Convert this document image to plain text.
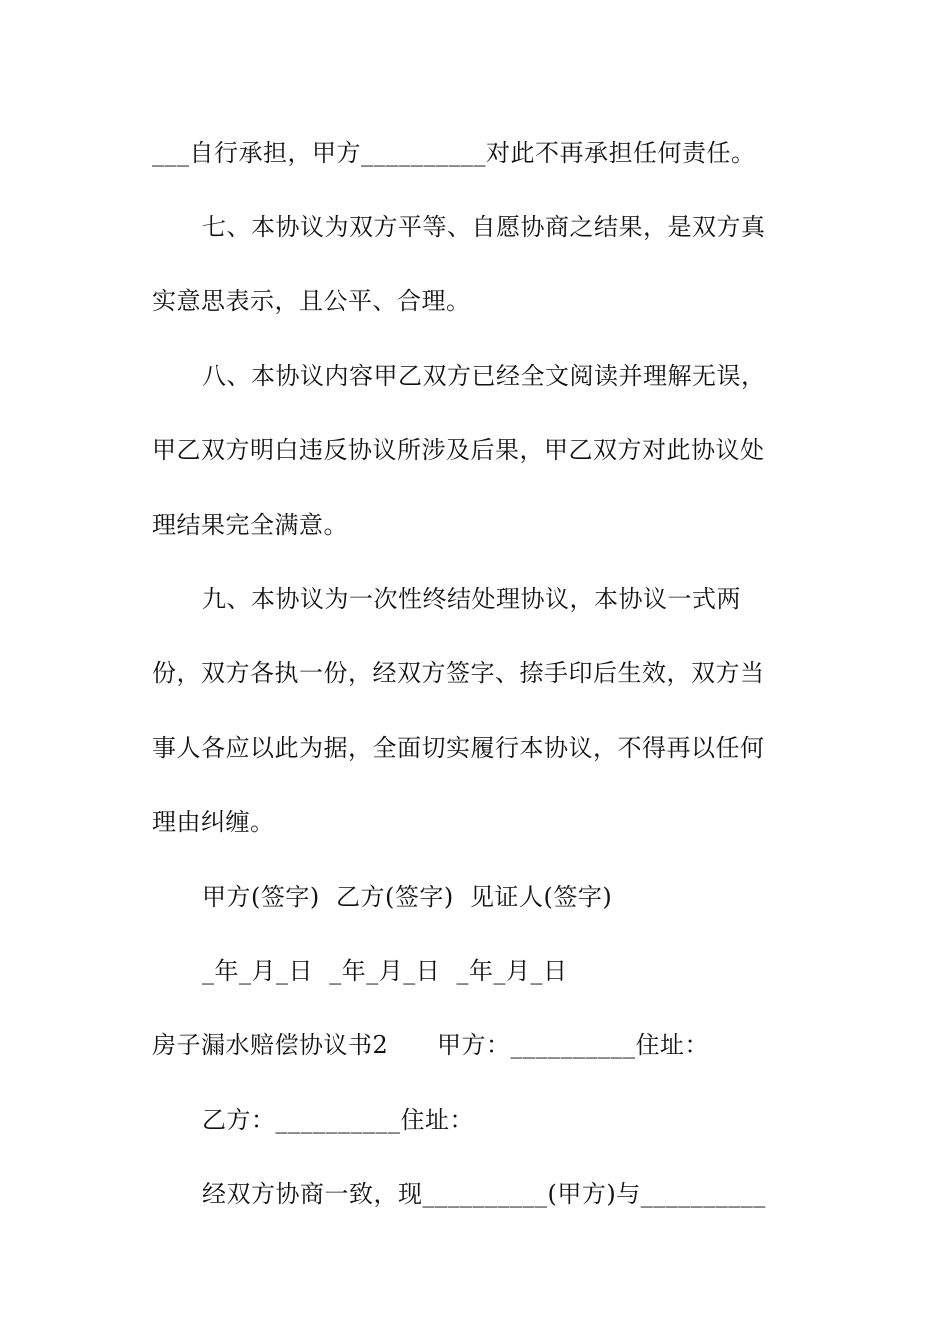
___自行承担，甲方__________对此不再承担任何责任。
七、本协议为双方平等、自愿协商之结果，是双方真
实意思表示，且公平、合理。
八、本协议内容甲乙双方已经全文阅读并理解无误，
甲乙双方明白违反协议所涉及后果，甲乙双方对此协议处
理结果完全满意。
九、本协议为一次性终结处理协议，本协议一式两
份，双方各执一份，经双方签字、捺手印后生效，双方当
事人各应以此为据，全面切实履行本协议，不得再以任何
理由纠缠。
甲方(签字)  乙方(签字)  见证人(签字)
_年_月_日  _年_月_日  _年_月_日
房子漏水赔偿协议书2      甲方：__________住址：
乙方：__________住址：
经双方协商一致，现__________(甲方)与__________
